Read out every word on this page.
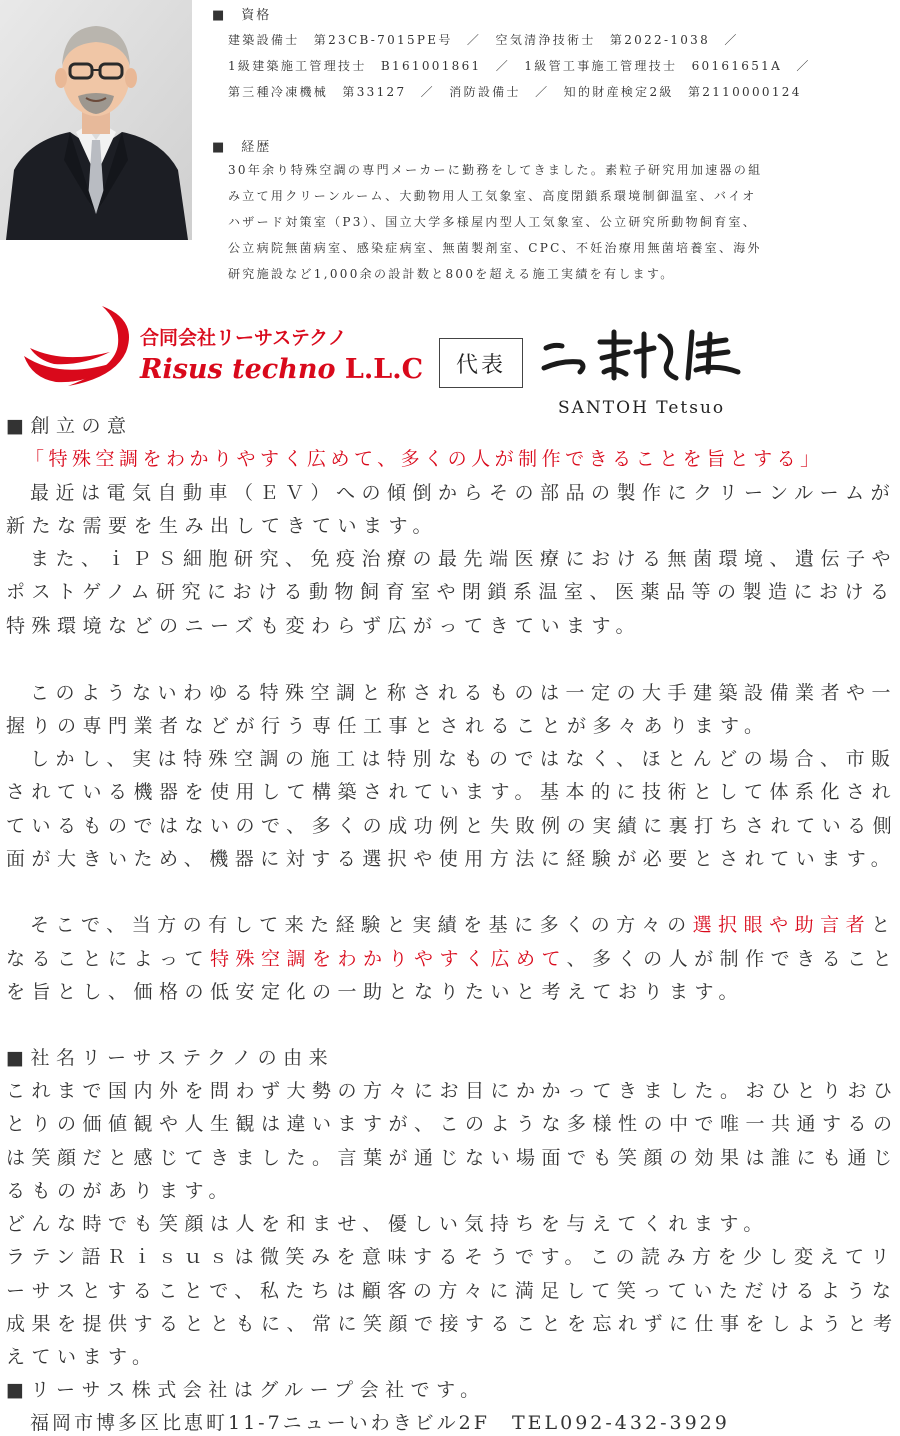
■　資格
建築設備士　第23CB-7015PE号　／　空気清浄技術士　第2022-1038　／
1級建築施工管理技士　B161001861　／　1級管工事施工管理技士　60161651A　／
第三種冷凍機械　第33127　／　消防設備士　／　知的財産検定2級　第2110000124
■　経歴
30年余り特殊空調の専門メーカーに勤務をしてきました。素粒子研究用加速器の組
み立て用クリーンルーム、大動物用人工気象室、高度閉鎖系環境制御温室、バイオ
ハザード対策室（P3）、国立大学多様屋内型人工気象室、公立研究所動物飼育室、
公立病院無菌病室、感染症病室、無菌製剤室、CPC、不妊治療用無菌培養室、海外
研究施設など1,000余の設計数と800を超える施工実績を有します。
合同会社リーサステクノ
Risus techno L.L.C 代表
SANTOH Tetsuo
■創立の意
「特殊空調をわかりやすく広めて、多くの人が制作できることを旨とする」
最近は電気自動車（ＥＶ）への傾倒からその部品の製作にクリーンルームが
新たな需要を生み出してきています。
また、ｉＰＳ細胞研究、免疫治療の最先端医療における無菌環境、遺伝子や
ポストゲノム研究における動物飼育室や閉鎖系温室、医薬品等の製造における
特殊環境などのニーズも変わらず広がってきています。
このようないわゆる特殊空調と称されるものは一定の大手建築設備業者や一
握りの専門業者などが行う専任工事とされることが多々あります。
しかし、実は特殊空調の施工は特別なものではなく、ほとんどの場合、市販
されている機器を使用して構築されています。基本的に技術として体系化され
ているものではないので、多くの成功例と失敗例の実績に裏打ちされている側
面が大きいため、機器に対する選択や使用方法に経験が必要とされています。
そこで、当方の有して来た経験と実績を基に多くの方々の選択眼や助言者と
なることによって特殊空調をわかりやすく広めて、多くの人が制作できること
を旨とし、価格の低安定化の一助となりたいと考えております。
■社名リーサステクノの由来
これまで国内外を問わず大勢の方々にお目にかかってきました。おひとりおひ
とりの価値観や人生観は違いますが、このような多様性の中で唯一共通するの
は笑顔だと感じてきました。言葉が通じない場面でも笑顔の効果は誰にも通じ
るものがあります。
どんな時でも笑顔は人を和ませ、優しい気持ちを与えてくれます。
ラテン語Ｒｉｓｕｓは微笑みを意味するそうです。この読み方を少し変えてリ
ーサスとすることで、私たちは顧客の方々に満足して笑っていただけるような
成果を提供するとともに、常に笑顔で接することを忘れずに仕事をしようと考
えています。
■リーサス株式会社はグループ会社です。
福岡市博多区比恵町11-7ニューいわきビル2F　TEL092-432-3929
